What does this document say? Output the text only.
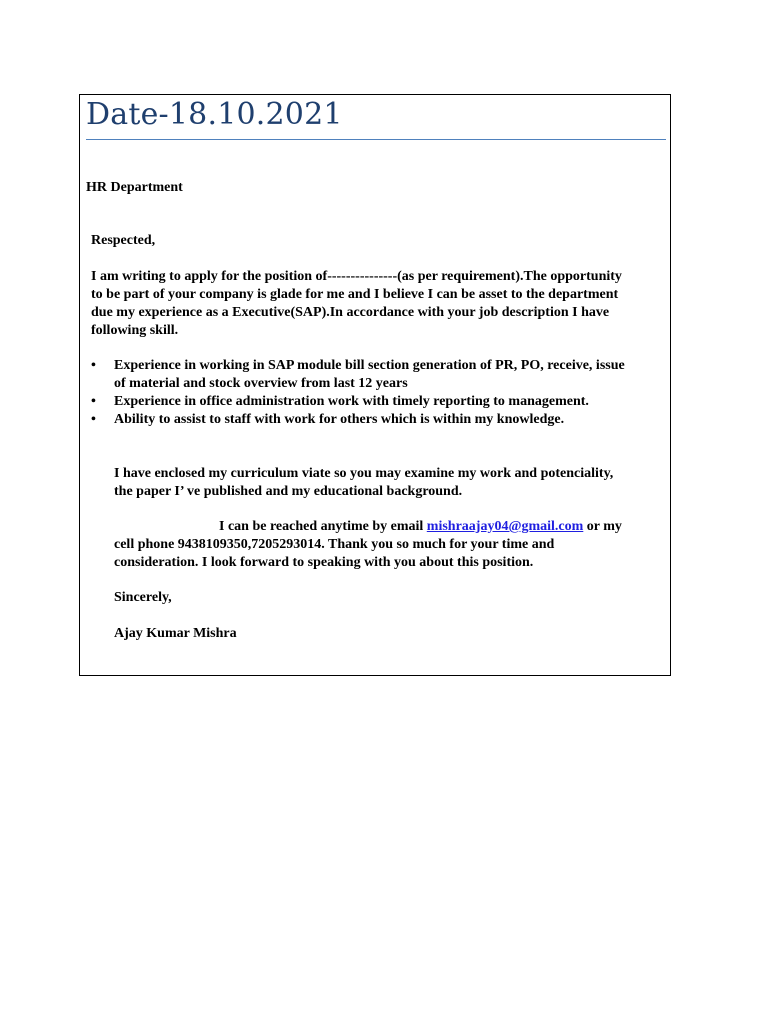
Date-18.10.2021
HR Department
Respected,
I am writing to apply for the position of---------------(as per requirement).The opportunity
to be part of your company is glade for me and I believe I can be asset to the department
due my experience as a Executive(SAP).In accordance with your job description I have
following skill.
•	Experience in working in SAP module bill section generation of PR, PO, receive, issue
of material and stock overview from last 12 years
•	Experience in office administration work with timely reporting to management.
•	Ability to assist to staff with work for others which is within my knowledge.
I have enclosed my curriculum viate so you may examine my work and potenciality,
the paper I’ ve published and my educational background.
I can be reached anytime by email mishraajay04@gmail.com or my
cell phone 9438109350,7205293014. Thank you so much for your time and
consideration. I look forward to speaking with you about this position.
Sincerely,
Ajay Kumar Mishra
